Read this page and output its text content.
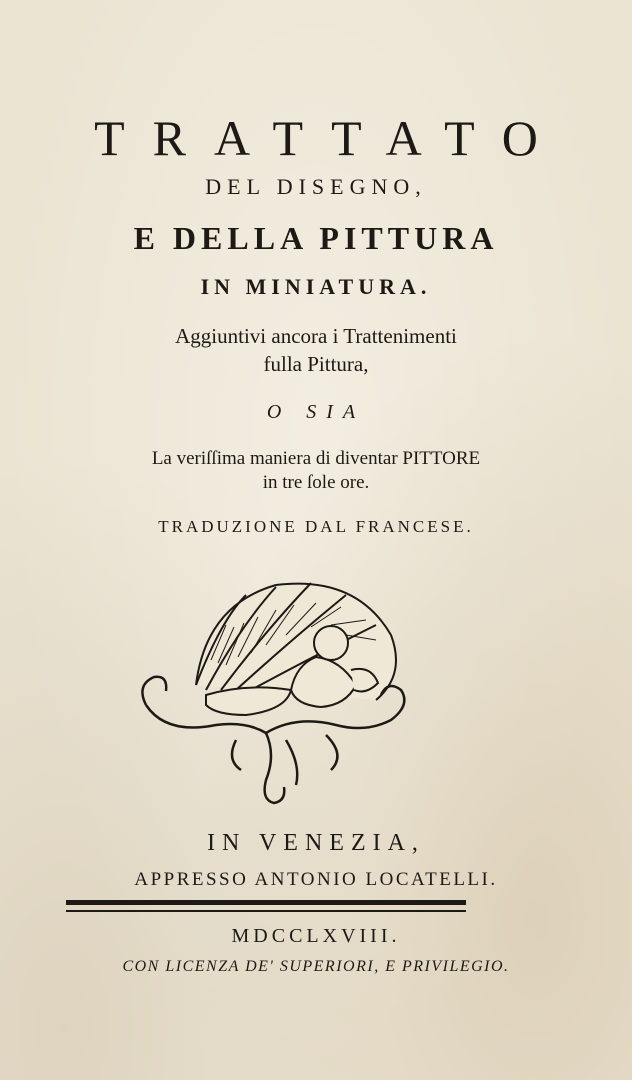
TRATTATO
DEL DISEGNO,
E DELLA PITTURA
IN MINIATURA.
Aggiuntivi ancora i Trattenimenti
fulla Pittura,
O SIA
La veriſſima maniera di diventar PITTORE
in tre ſole ore.
TRADUZIONE DAL FRANCESE.
IN VENEZIA,
APPRESSO ANTONIO LOCATELLI.
MDCCLXVIII.
CON LICENZA DE' SUPERIORI, E PRIVILEGIO.
